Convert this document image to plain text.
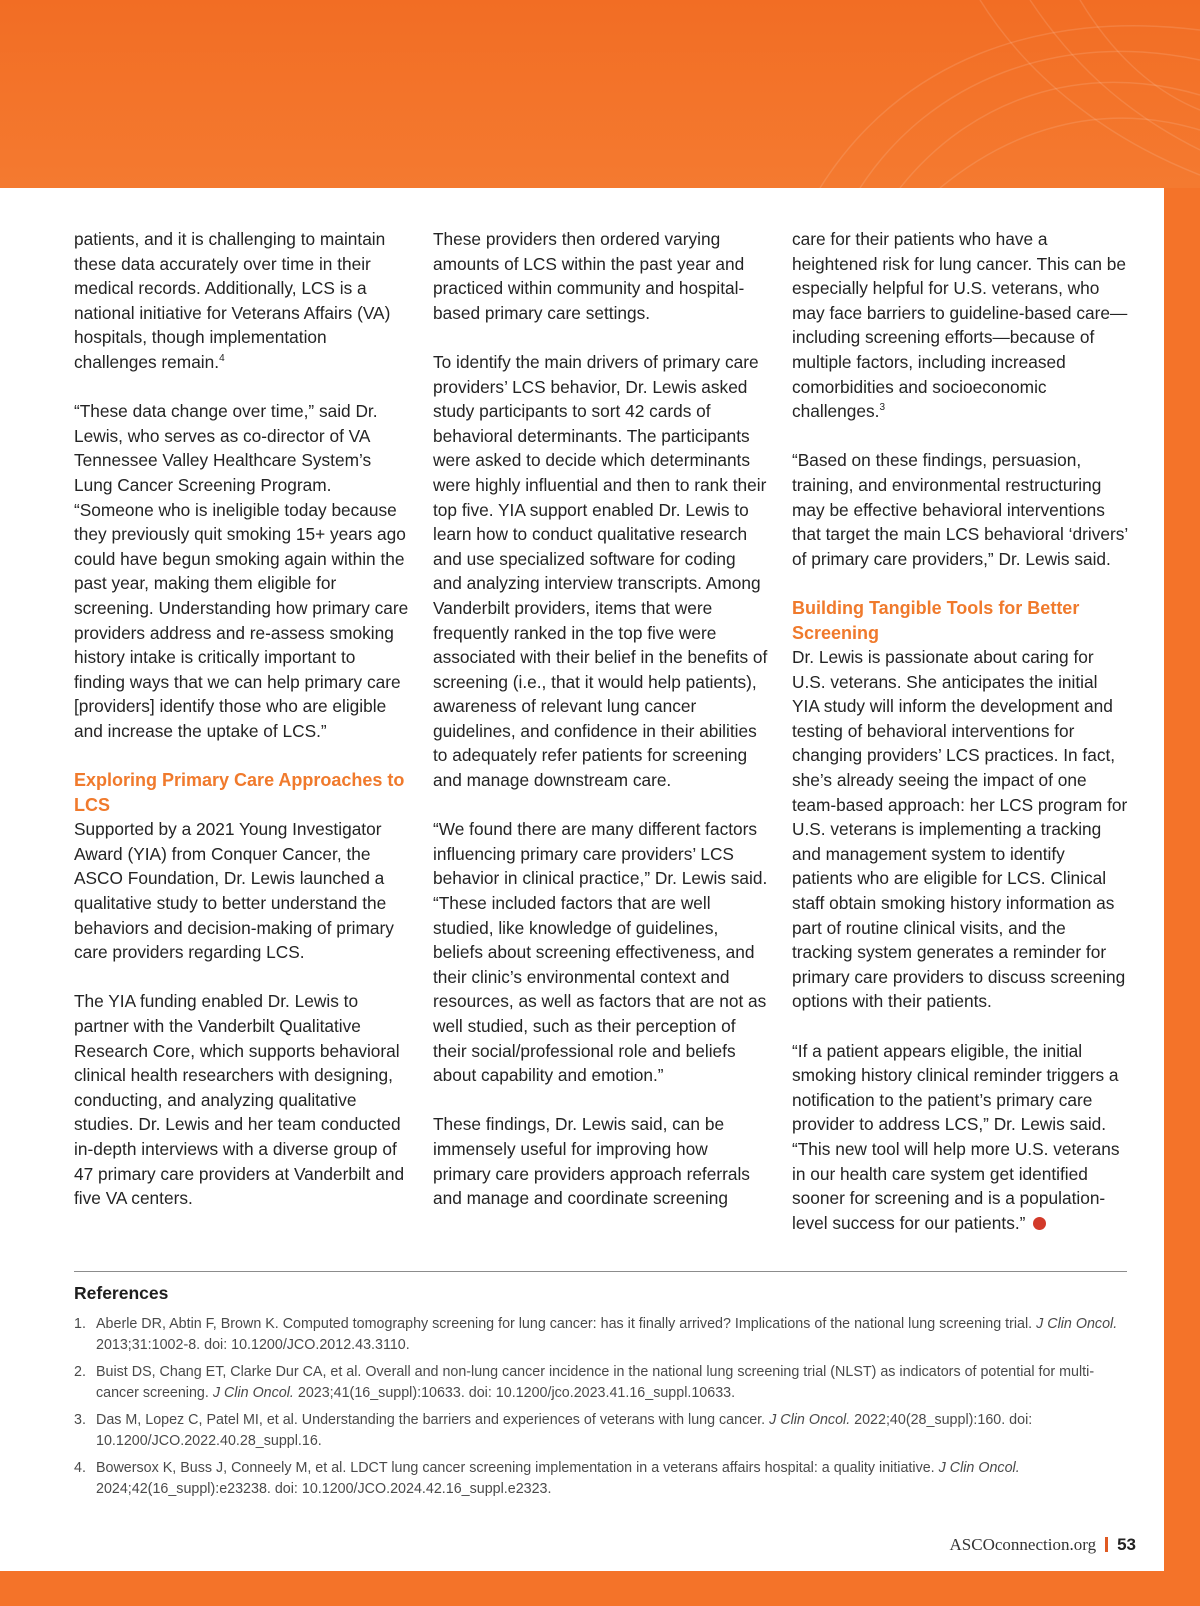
patients, and it is challenging to maintain these data accurately over time in their medical records. Additionally, LCS is a national initiative for Veterans Affairs (VA) hospitals, though implementation challenges remain.$^4$

“These data change over time,” said Dr. Lewis, who serves as co-director of VA Tennessee Valley Healthcare System’s Lung Cancer Screening Program. “Someone who is ineligible today because they previously quit smoking 15+ years ago could have begun smoking again within the past year, making them eligible for screening. Understanding how primary care providers address and re-assess smoking history intake is critically important to finding ways that we can help primary care [providers] identify those who are eligible and increase the uptake of LCS.”

Exploring Primary Care Approaches to LCS

Supported by a 2021 Young Investigator Award (YIA) from Conquer Cancer, the ASCO Foundation, Dr. Lewis launched a qualitative study to better understand the behaviors and decision-making of primary care providers regarding LCS.

The YIA funding enabled Dr. Lewis to partner with the Vanderbilt Qualitative Research Core, which supports behavioral clinical health researchers with designing, conducting, and analyzing qualitative studies. Dr. Lewis and her team conducted in-depth interviews with a diverse group of 47 primary care providers at Vanderbilt and five VA centers.

These providers then ordered varying amounts of LCS within the past year and practiced within community and hospital-based primary care settings.

To identify the main drivers of primary care providers’ LCS behavior, Dr. Lewis asked study participants to sort 42 cards of behavioral determinants. The participants were asked to decide which determinants were highly influential and then to rank their top five. YIA support enabled Dr. Lewis to learn how to conduct qualitative research and use specialized software for coding and analyzing interview transcripts. Among Vanderbilt providers, items that were frequently ranked in the top five were associated with their belief in the benefits of screening (i.e., that it would help patients), awareness of relevant lung cancer guidelines, and confidence in their abilities to adequately refer patients for screening and manage downstream care.

“We found there are many different factors influencing primary care providers’ LCS behavior in clinical practice,” Dr. Lewis said. “These included factors that are well studied, like knowledge of guidelines, beliefs about screening effectiveness, and their clinic’s environmental context and resources, as well as factors that are not as well studied, such as their perception of their social/professional role and beliefs about capability and emotion.”

These findings, Dr. Lewis said, can be immensely useful for improving how primary care providers approach referrals and manage and coordinate screening

care for their patients who have a heightened risk for lung cancer. This can be especially helpful for U.S. veterans, who may face barriers to guideline-based care—including screening efforts—because of multiple factors, including increased comorbidities and socioeconomic challenges.$^3$

“Based on these findings, persuasion, training, and environmental restructuring may be effective behavioral interventions that target the main LCS behavioral ‘drivers’ of primary care providers,” Dr. Lewis said.

Building Tangible Tools for Better Screening

Dr. Lewis is passionate about caring for U.S. veterans. She anticipates the initial YIA study will inform the development and testing of behavioral interventions for changing providers’ LCS practices. In fact, she’s already seeing the impact of one team-based approach: her LCS program for U.S. veterans is implementing a tracking and management system to identify patients who are eligible for LCS. Clinical staff obtain smoking history information as part of routine clinical visits, and the tracking system generates a reminder for primary care providers to discuss screening options with their patients.

“If a patient appears eligible, the initial smoking history clinical reminder triggers a notification to the patient’s primary care provider to address LCS,” Dr. Lewis said. “This new tool will help more U.S. veterans in our health care system get identified sooner for screening and is a population-level success for our patients.”

References
1. Aberle DR, Abtin F, Brown K. Computed tomography screening for lung cancer: has it finally arrived? Implications of the national lung screening trial. J Clin Oncol. 2013;31:1002-8. doi: 10.1200/JCO.2012.43.3110.
2. Buist DS, Chang ET, Clarke Dur CA, et al. Overall and non-lung cancer incidence in the national lung screening trial (NLST) as indicators of potential for multi-cancer screening. J Clin Oncol. 2023;41(16_suppl):10633. doi: 10.1200/jco.2023.41.16_suppl.10633.
3. Das M, Lopez C, Patel MI, et al. Understanding the barriers and experiences of veterans with lung cancer. J Clin Oncol. 2022;40(28_suppl):160. doi: 10.1200/JCO.2022.40.28_suppl.16.
4. Bowersox K, Buss J, Conneely M, et al. LDCT lung cancer screening implementation in a veterans affairs hospital: a quality initiative. J Clin Oncol. 2024;42(16_suppl):e23238. doi: 10.1200/JCO.2024.42.16_suppl.e2323.
ASCOconnection.org 53
